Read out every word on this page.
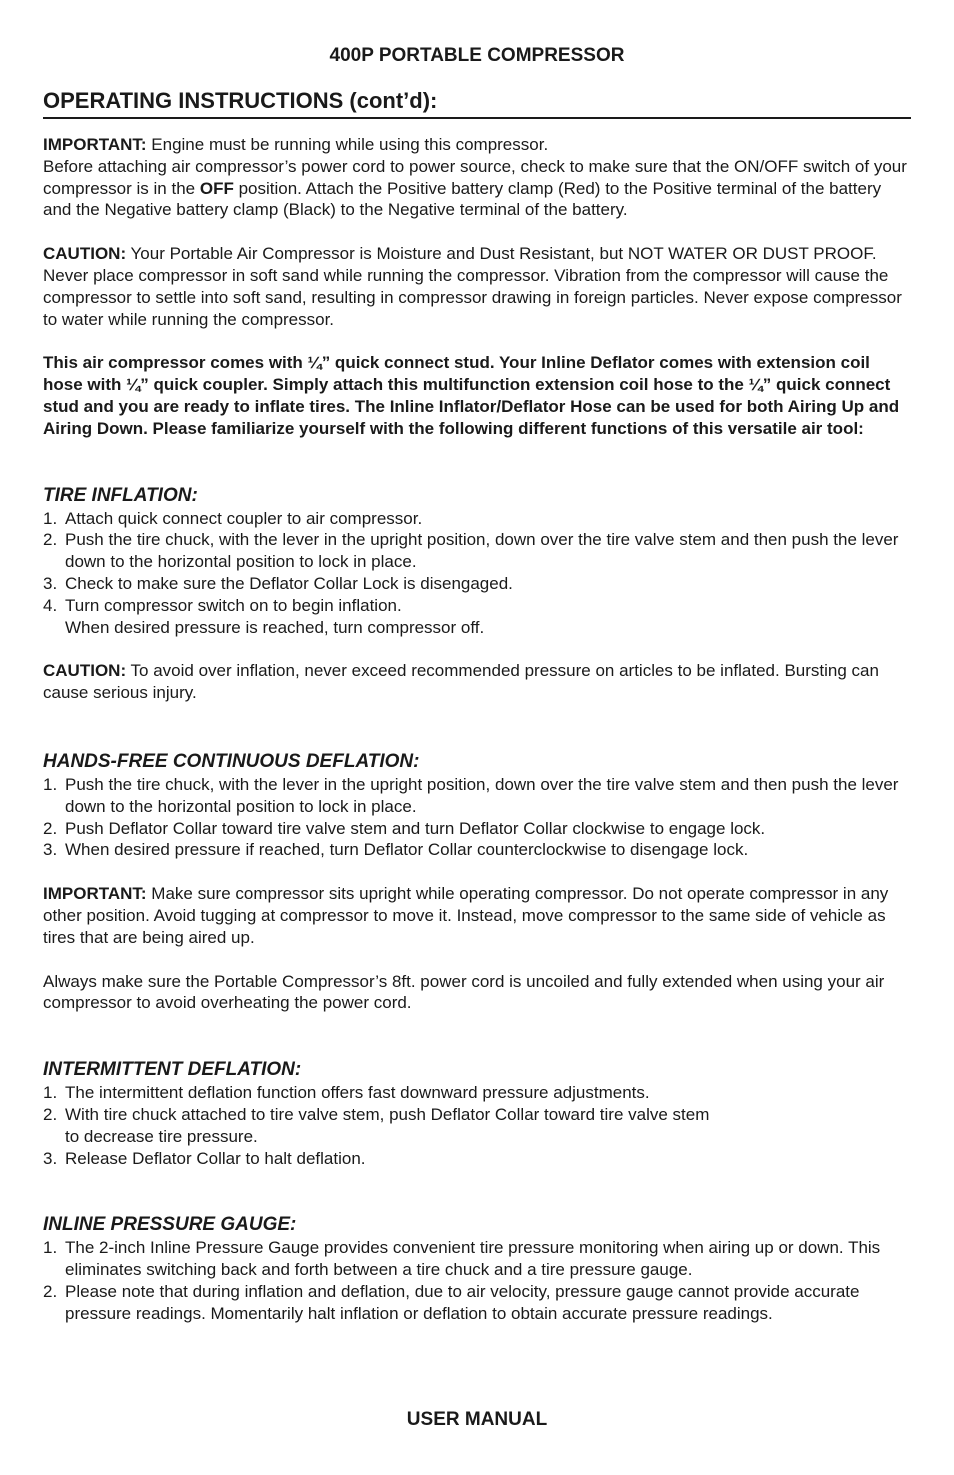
400P PORTABLE COMPRESSOR
OPERATING INSTRUCTIONS (cont’d):

IMPORTANT: Engine must be running while using this compressor.
Before attaching air compressor’s power cord to power source, check to make sure that the ON/OFF switch of your compressor is in the OFF position. Attach the Positive battery clamp (Red) to the Positive terminal of the battery and the Negative battery clamp (Black) to the Negative terminal of the battery.

CAUTION: Your Portable Air Compressor is Moisture and Dust Resistant, but NOT WATER OR DUST PROOF. Never place compressor in soft sand while running the compressor. Vibration from the compressor will cause the compressor to settle into soft sand, resulting in compressor drawing in foreign particles. Never expose compressor to water while running the compressor.

This air compressor comes with ¼” quick connect stud. Your Inline Deflator comes with extension coil hose with ¼” quick coupler. Simply attach this multifunction extension coil hose to the ¼” quick connect stud and you are ready to inflate tires. The Inline Inflator/Deflator Hose can be used for both Airing Up and Airing Down. Please familiarize yourself with the following different functions of this versatile air tool:

TIRE INFLATION:

1. Attach quick connect coupler to air compressor.
2. Push the tire chuck, with the lever in the upright position, down over the tire valve stem and then push the lever down to the horizontal position to lock in place.
3. Check to make sure the Deflator Collar Lock is disengaged.
4. Turn compressor switch on to begin inflation.
When desired pressure is reached, turn compressor off.

CAUTION: To avoid over inflation, never exceed recommended pressure on articles to be inflated. Bursting can cause serious injury.

HANDS-FREE CONTINUOUS DEFLATION:

1. Push the tire chuck, with the lever in the upright position, down over the tire valve stem and then push the lever down to the horizontal position to lock in place.
2. Push Deflator Collar toward tire valve stem and turn Deflator Collar clockwise to engage lock.
3. When desired pressure if reached, turn Deflator Collar counterclockwise to disengage lock.

IMPORTANT: Make sure compressor sits upright while operating compressor. Do not operate compressor in any other position. Avoid tugging at compressor to move it. Instead, move compressor to the same side of vehicle as tires that are being aired up.

Always make sure the Portable Compressor’s 8ft. power cord is uncoiled and fully extended when using your air compressor to avoid overheating the power cord.

INTERMITTENT DEFLATION:

1. The intermittent deflation function offers fast downward pressure adjustments.
2. With tire chuck attached to tire valve stem, push Deflator Collar toward tire valve stem
to decrease tire pressure.
3. Release Deflator Collar to halt deflation.

INLINE PRESSURE GAUGE:

1. The 2-inch Inline Pressure Gauge provides convenient tire pressure monitoring when airing up or down. This eliminates switching back and forth between a tire chuck and a tire pressure gauge.
2. Please note that during inflation and deflation, due to air velocity, pressure gauge cannot provide accurate pressure readings. Momentarily halt inflation or deflation to obtain accurate pressure readings.
USER MANUAL
